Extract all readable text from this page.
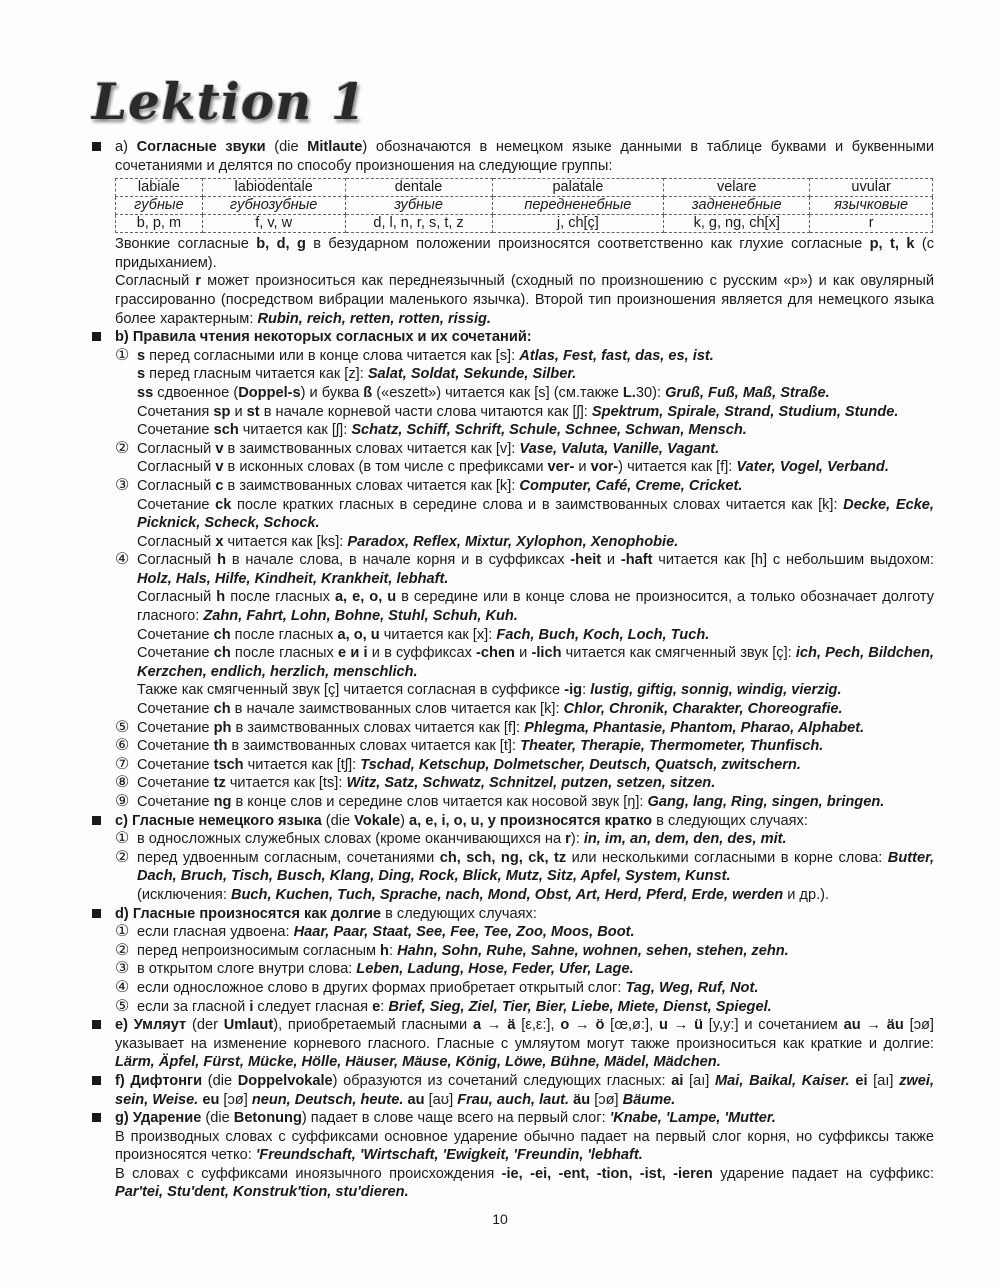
Lektion 1

a) Согласные звуки (die Mitlaute) обозначаются в немецком языке данными в таблице буквами и буквенными сочетаниями и делятся по способу произношения на следующие группы:

labiale	labiodentale	dentale	palatale	velare	uvular
губные	губнозубные	зубные	передненебные	задненебные	язычковые
b, p, m	f, v, w	d, l, n, r, s, t, z	j, ch[ç]	k, g, ng, ch[x]	r

Звонкие согласные b, d, g в безударном положении произносятся соответственно как глухие согласные p, t, k (с придыханием).

Согласный r может произноситься как переднеязычный (сходный по произношению с русским «р») и как овулярный грассированно (посредством вибрации маленького язычка). Второй тип произношения является для немецкого языка более характерным: Rubin, reich, retten, rotten, rissig.

b) Правила чтения некоторых согласных и их сочетаний:

① s перед согласными или в конце слова читается как [s]: Atlas, Fest, fast, das, es, ist.

s перед гласным читается как [z]: Salat, Soldat, Sekunde, Silber.

ss сдвоенное (Doppel-s) и буква ß («eszett») читается как [s] (см.также L.30): Gruß, Fuß, Maß, Straße.

Сочетания sp и st в начале корневой части слова читаются как [ʃ]: Spektrum, Spirale, Strand, Studium, Stunde.

Сочетание sch читается как [ʃ]: Schatz, Schiff, Schrift, Schule, Schnee, Schwan, Mensch.

② Согласный v в заимствованных словах читается как [v]: Vase, Valuta, Vanille, Vagant.

Согласный v в исконных словах (в том числе с префиксами ver- и vor-) читается как [f]: Vater, Vogel, Verband.

③ Согласный c в заимствованных словах читается как [k]: Computer, Café, Creme, Cricket.

Сочетание ck после кратких гласных в середине слова и в заимствованных словах читается как [k]: Decke, Ecke, Picknick, Scheck, Schock.

Согласный x читается как [ks]: Paradox, Reflex, Mixtur, Xylophon, Xenophobie.

④ Согласный h в начале слова, в начале корня и в суффиксах -heit и -haft читается как [h] с небольшим выдохом: Holz, Hals, Hilfe, Kindheit, Krankheit, lebhaft.

Согласный h после гласных a, e, o, u в середине или в конце слова не произносится, а только обозначает долготу гласного: Zahn, Fahrt, Lohn, Bohne, Stuhl, Schuh, Kuh.

Сочетание ch после гласных a, o, u читается как [x]: Fach, Buch, Koch, Loch, Tuch.

Сочетание ch после гласных e и i и в суффиксах -chen и -lich читается как смягченный звук [ç]: ich, Pech, Bildchen, Kerzchen, endlich, herzlich, menschlich.

Также как смягченный звук [ç] читается согласная в суффиксе -ig: lustig, giftig, sonnig, windig, vierzig.

Сочетание ch в начале заимствованных слов читается как [k]: Chlor, Chronik, Charakter, Choreografie.

⑤ Сочетание ph в заимствованных словах читается как [f]: Phlegma, Phantasie, Phantom, Pharao, Alphabet.

⑥ Сочетание th в заимствованных словах читается как [t]: Theater, Therapie, Thermometer, Thunfisch.

⑦ Сочетание tsch читается как [tʃ]: Tschad, Ketschup, Dolmetscher, Deutsch, Quatsch, zwitschern.

⑧ Сочетание tz читается как [ts]: Witz, Satz, Schwatz, Schnitzel, putzen, setzen, sitzen.

⑨ Сочетание ng в конце слов и середине слов читается как носовой звук [ŋ]: Gang, lang, Ring, singen, bringen.

c) Гласные немецкого языка (die Vokale) a, e, i, o, u, y произносятся кратко в следующих случаях:

① в односложных служебных словах (кроме оканчивающихся на r): in, im, an, dem, den, des, mit.

② перед удвоенным согласным, сочетаниями ch, sch, ng, ck, tz или несколькими согласными в корне слова: Butter, Dach, Bruch, Tisch, Busch, Klang, Ding, Rock, Blick, Mutz, Sitz, Apfel, System, Kunst.

(исключения: Buch, Kuchen, Tuch, Sprache, nach, Mond, Obst, Art, Herd, Pferd, Erde, werden и др.).

d) Гласные произносятся как долгие в следующих случаях:

① если гласная удвоена: Haar, Paar, Staat, See, Fee, Tee, Zoo, Moos, Boot.

② перед непроизносимым согласным h: Hahn, Sohn, Ruhe, Sahne, wohnen, sehen, stehen, zehn.

③ в открытом слоге внутри слова: Leben, Ladung, Hose, Feder, Ufer, Lage.

④ если односложное слово в других формах приобретает открытый слог: Tag, Weg, Ruf, Not.

⑤ если за гласной i следует гласная e: Brief, Sieg, Ziel, Tier, Bier, Liebe, Miete, Dienst, Spiegel.

e) Умляут (der Umlaut), приобретаемый гласными a → ä [ε,ε:], o → ö [œ,ø:], u → ü [y,y:] и сочетанием au → äu [ɔø] указывает на изменение корневого гласного. Гласные с умляутом могут также произноситься как краткие и долгие: Lärm, Äpfel, Fürst, Mücke, Hölle, Häuser, Mäuse, König, Löwe, Bühne, Mädel, Mädchen.

f) Дифтонги (die Doppelvokale) образуются из сочетаний следующих гласных: ai [aı] Mai, Baikal, Kaiser. ei [aı] zwei, sein, Weise. eu [ɔø] neun, Deutsch, heute. au [aʊ] Frau, auch, laut. äu [ɔø] Bäume.

g) Ударение (die Betonung) падает в слове чаще всего на первый слог: 'Knabe, 'Lampe, 'Mutter.

В производных словах с суффиксами основное ударение обычно падает на первый слог корня, но суффиксы также произносятся четко: 'Freundschaft, 'Wirtschaft, 'Ewigkeit, 'Freundin, 'lebhaft.

В словах с суффиксами иноязычного происхождения -ie, -ei, -ent, -tion, -ist, -ieren ударение падает на суффикс: Par'tei, Stu'dent, Konstruk'tion, stu'dieren.

10
